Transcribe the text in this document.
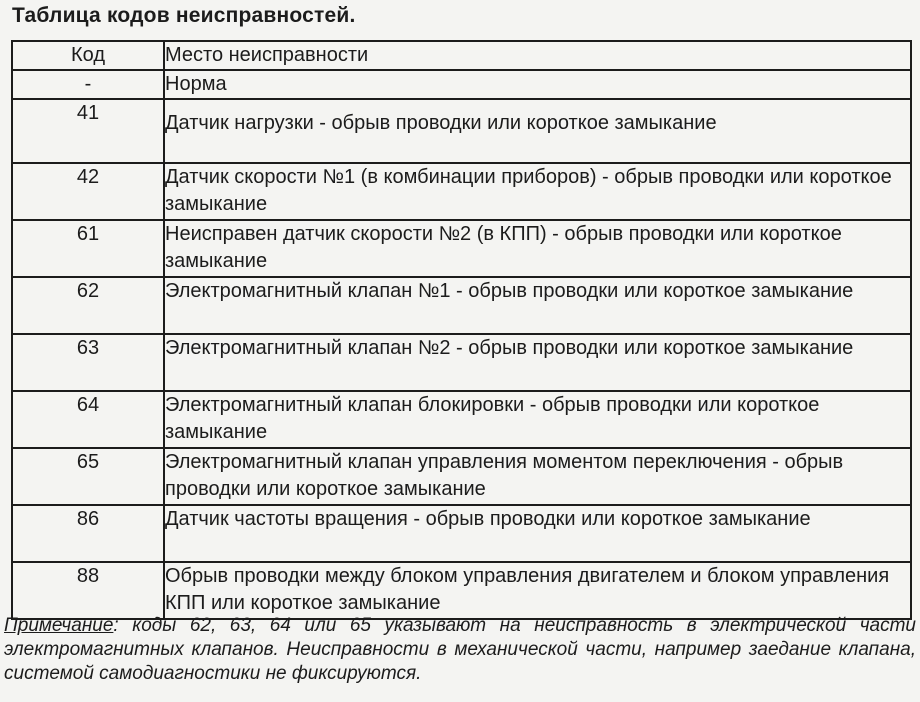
Таблица кодов неисправностей.
Код	Место неисправности
-	Норма
41	Датчик нагрузки - обрыв проводки или короткое замыкание
42	Датчик скорости №1 (в комбинации приборов) - обрыв проводки или короткое замыкание
61	Неисправен датчик скорости №2 (в КПП) - обрыв проводки или короткое замыкание
62	Электромагнитный клапан №1 - обрыв проводки или короткое замыкание
63	Электромагнитный клапан №2 - обрыв проводки или короткое замыкание
64	Электромагнитный клапан блокировки - обрыв проводки или короткое замыкание
65	Электромагнитный клапан управления моментом переключения - обрыв проводки или короткое замыкание
86	Датчик частоты вращения - обрыв проводки или короткое замыкание
88	Обрыв проводки между блоком управления двигателем и блоком управления КПП или короткое замыкание
Примечание: коды 62, 63, 64 или 65 указывают на неисправность в электрической части электромагнитных клапанов. Неисправности в механической части, например заедание клапана, системой самодиагностики не фиксируются.
